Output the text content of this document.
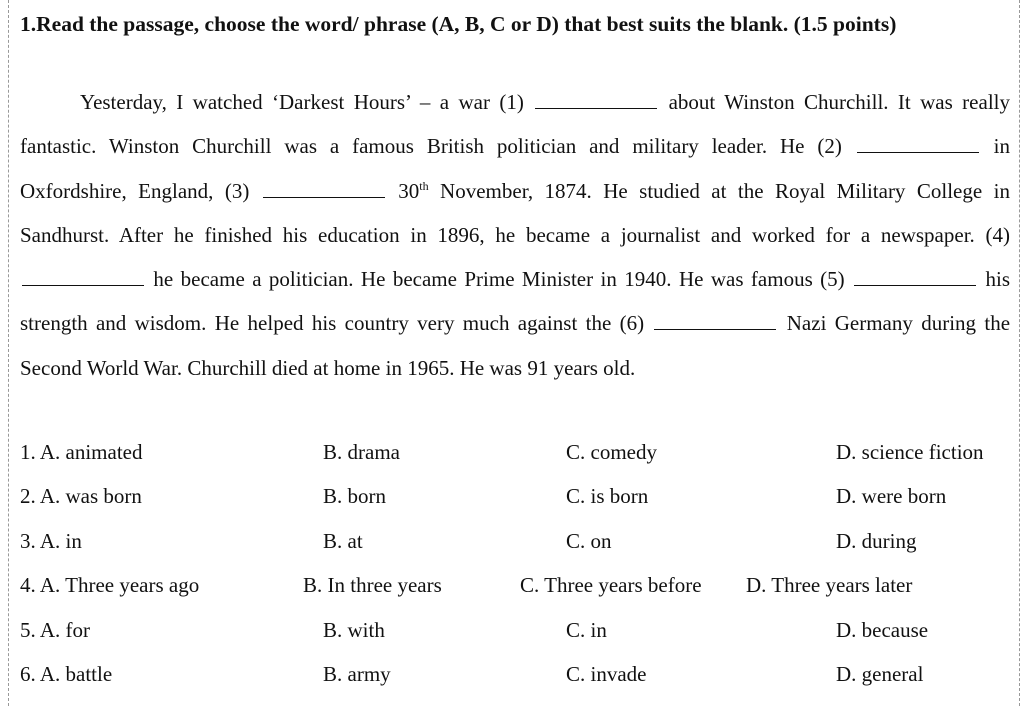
1.Read the passage, choose the word/ phrase (A, B, C or D) that best suits the blank. (1.5 points)
Yesterday, I watched ‘Darkest Hours’ – a war (1)	about Winston Churchill. It was really fantastic. Winston Churchill was a famous British politician and military leader. He (2)	in Oxfordshire, England, (3)	30th November, 1874. He studied at the Royal Military College in Sandhurst. After he finished his education in 1896, he became a journalist and worked for a newspaper. (4)  he became a politician. He became Prime Minister in 1940. He was famous (5)	his strength and wisdom. He helped his country very much against the (6)	Nazi Germany during the Second World War. Churchill died at home in 1965. He was 91 years old.
1. A. animated	B. drama	C. comedy	D. science fiction
2. A. was born	B. born	C. is born	D. were born
3. A. in	B. at	C. on	D. during
4. A. Three years ago	B. In three years	C. Three years before D. Three years later
5. A. for	B. with	C. in	D. because
6. A. battle	B. army	C. invade	D. general
